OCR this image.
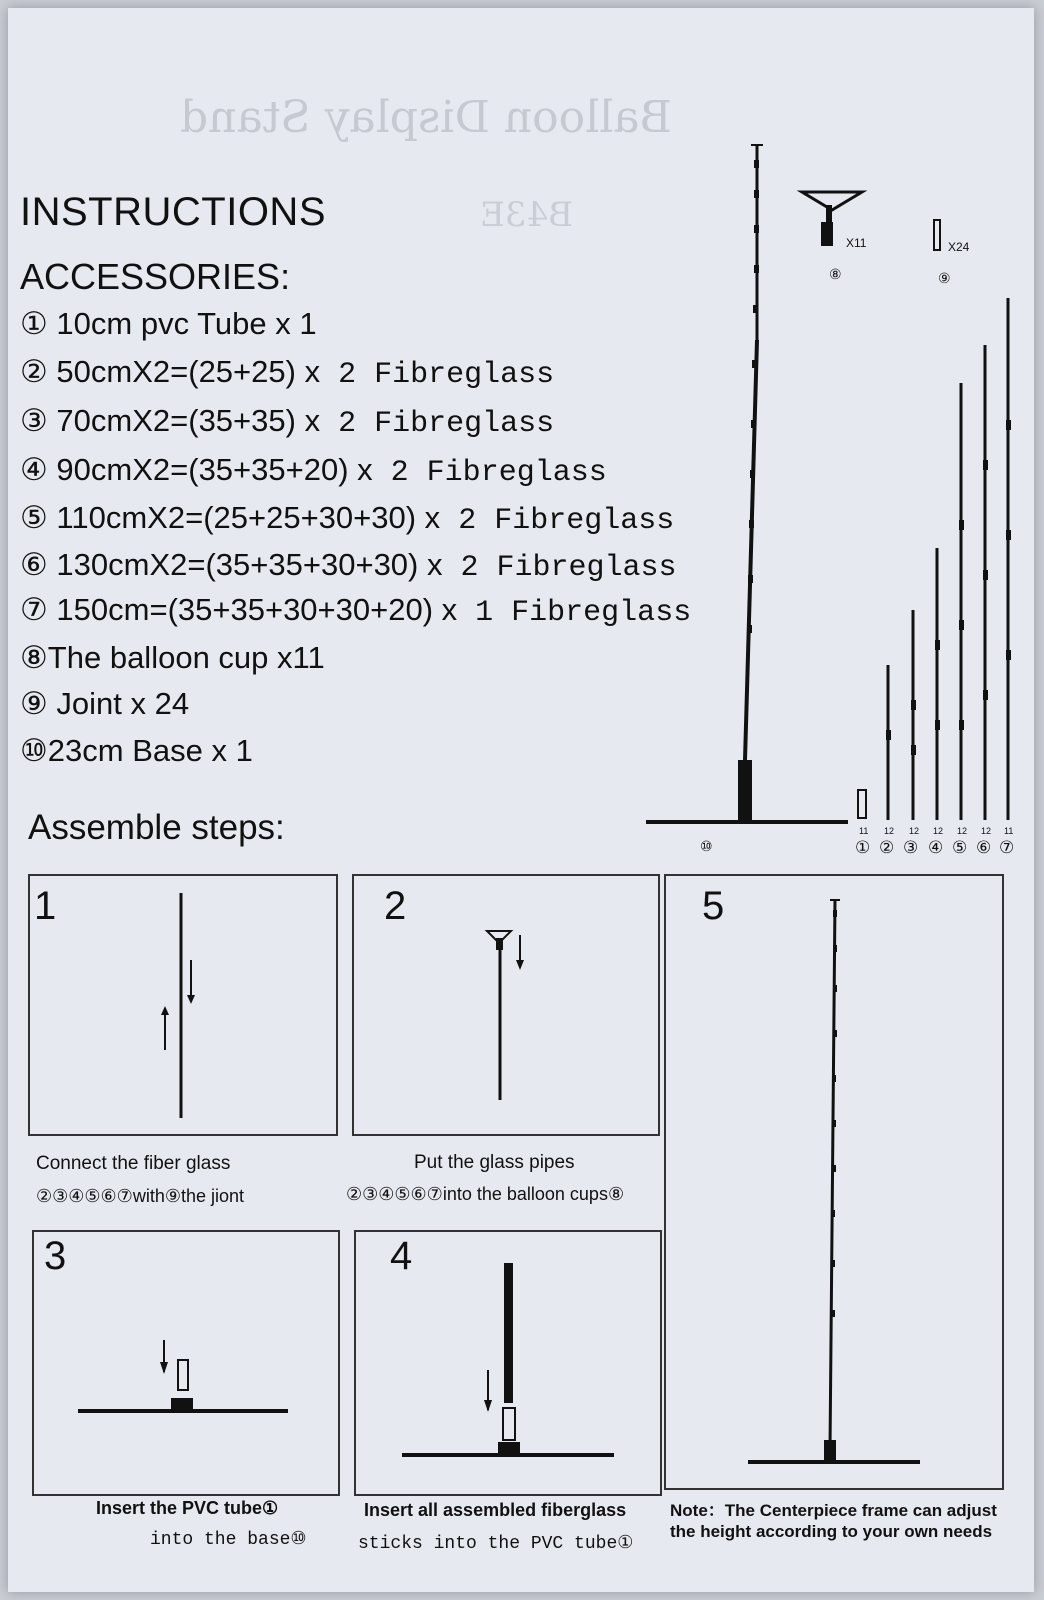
Balloon Display Stand
B43E
INSTRUCTIONS
ACCESSORIES:
① 10cm pvc Tube x 1
② 50cmX2=(25+25) x 2 Fibreglass
③ 70cmX2=(35+35) x 2 Fibreglass
④ 90cmX2=(35+35+20) x 2 Fibreglass
⑤ 110cmX2=(25+25+30+30) x 2 Fibreglass
⑥ 130cmX2=(35+35+30+30) x 2 Fibreglass
⑦ 150cm=(35+35+30+30+20) x 1 Fibreglass
⑧The balloon cup x11
⑨ Joint x 24
⑩23cm Base x 1
Assemble steps:
X11
⑧
X24
⑨
⑩
11 12 12 12 12 12 11
① ② ③ ④ ⑤ ⑥ ⑦
1	2	5
3	4
Connect the fiber glass
②③④⑤⑥⑦with⑨the jiont
Put the glass pipes
②③④⑤⑥⑦into the balloon cups⑧
Insert the PVC tube①
into the base⑩
Insert all assembled fiberglass
sticks into the PVC tube①
Note：The Centerpiece frame can adjust
the height according to your own needs
